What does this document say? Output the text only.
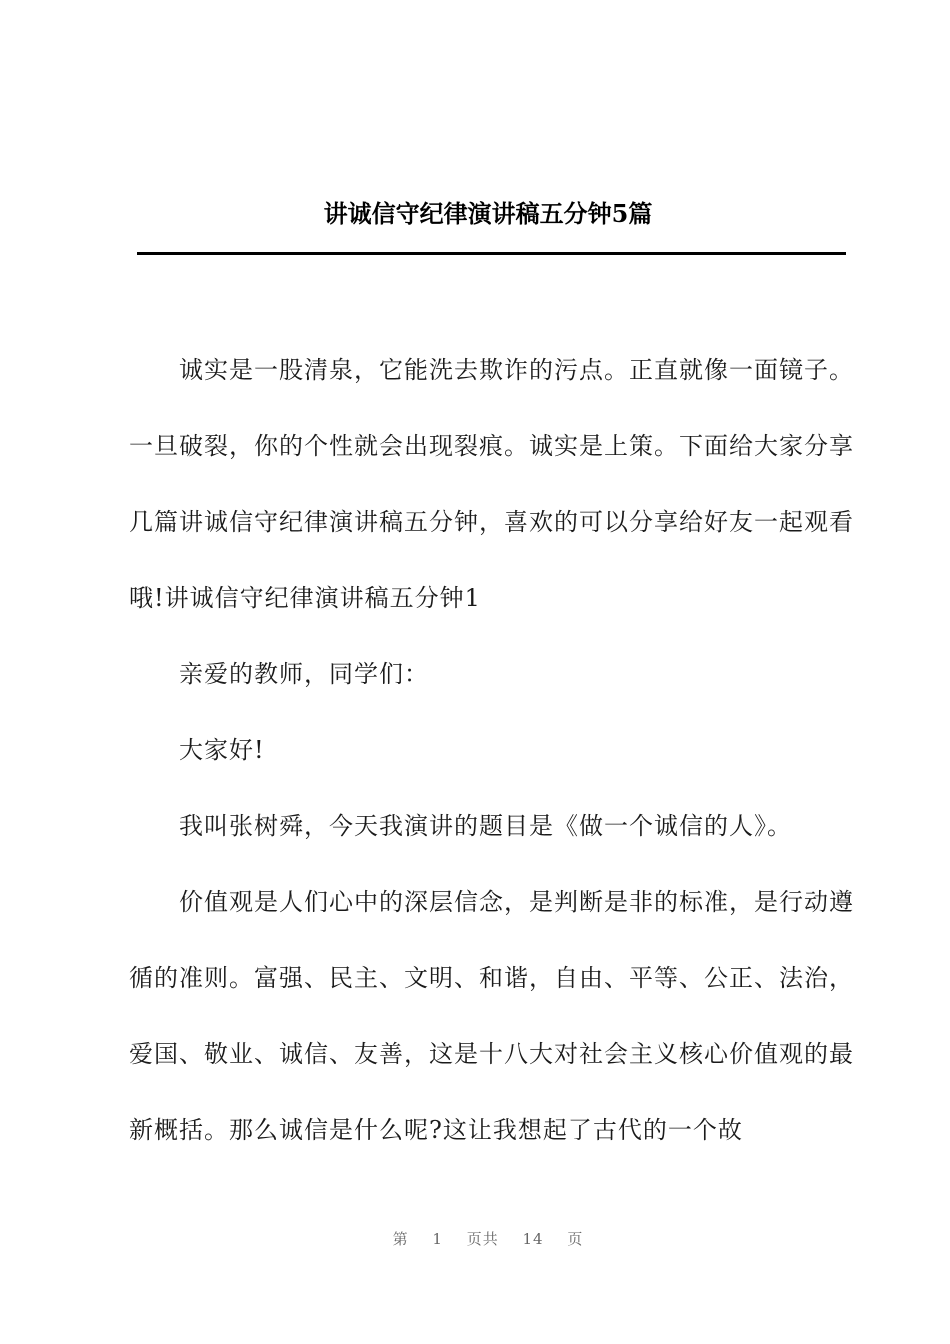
讲诚信守纪律演讲稿五分钟5篇

诚实是一股清泉，它能洗去欺诈的污点。正直就像一面镜子。一旦破裂，你的个性就会出现裂痕。诚实是上策。下面给大家分享几篇讲诚信守纪律演讲稿五分钟，喜欢的可以分享给好友一起观看哦!讲诚信守纪律演讲稿五分钟1

亲爱的教师，同学们：

大家好!

我叫张树舜，今天我演讲的题目是《做一个诚信的人》。

价值观是人们心中的深层信念，是判断是非的标准，是行动遵循的准则。富强、民主、文明、和谐，自由、平等、公正、法治，爱国、敬业、诚信、友善，这是十八大对社会主义核心价值观的最新概括。那么诚信是什么呢?这让我想起了古代的一个故

第 1 页共 14 页
